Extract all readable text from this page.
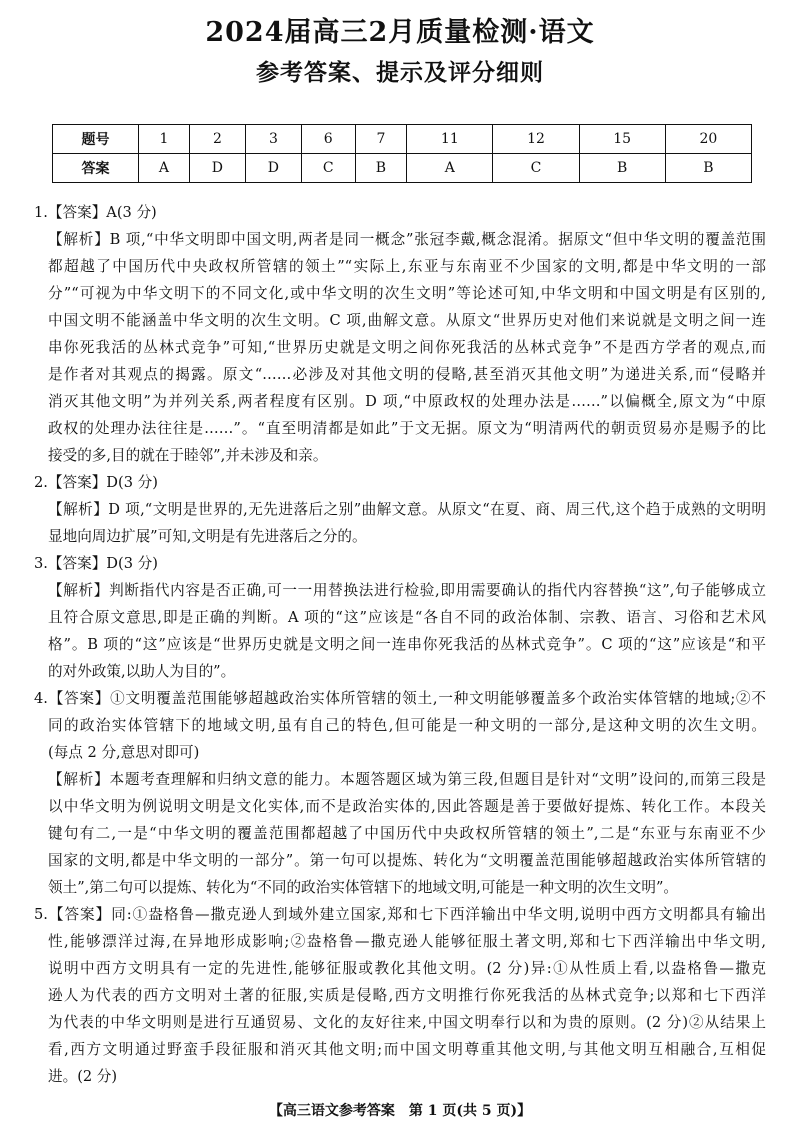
2024届高三2月质量检测·语文
参考答案、提示及评分细则
题号	1	2	3	6	7	11	12	15	20
答案	A	D	D	C	B	A	C	B	B
1.【答案】A(3 分)
【解析】B 项,“中华文明即中国文明,两者是同一概念”张冠李戴,概念混淆。据原文“但中华文明的覆盖范围
都超越了中国历代中央政权所管辖的领土”“实际上,东亚与东南亚不少国家的文明,都是中华文明的一部
分”“可视为中华文明下的不同文化,或中华文明的次生文明”等论述可知,中华文明和中国文明是有区别的,
中国文明不能涵盖中华文明的次生文明。C 项,曲解文意。从原文“世界历史对他们来说就是文明之间一连
串你死我活的丛林式竞争”可知,“世界历史就是文明之间你死我活的丛林式竞争”不是西方学者的观点,而
是作者对其观点的揭露。原文“……必涉及对其他文明的侵略,甚至消灭其他文明”为递进关系,而“侵略并
消灭其他文明”为并列关系,两者程度有区别。D 项,“中原政权的处理办法是……”以偏概全,原文为“中原
政权的处理办法往往是……”。“直至明清都是如此”于文无据。原文为“明清两代的朝贡贸易亦是赐予的比
接受的多,目的就在于睦邻”,并未涉及和亲。
2.【答案】D(3 分)
【解析】D 项,“文明是世界的,无先进落后之别”曲解文意。从原文“在夏、商、周三代,这个趋于成熟的文明明
显地向周边扩展”可知,文明是有先进落后之分的。
3.【答案】D(3 分)
【解析】判断指代内容是否正确,可一一用替换法进行检验,即用需要确认的指代内容替换“这”,句子能够成立
且符合原文意思,即是正确的判断。A 项的“这”应该是“各自不同的政治体制、宗教、语言、习俗和艺术风
格”。B 项的“这”应该是“世界历史就是文明之间一连串你死我活的丛林式竞争”。C 项的“这”应该是“和平
的对外政策,以助人为目的”。
4.【答案】①文明覆盖范围能够超越政治实体所管辖的领土,一种文明能够覆盖多个政治实体管辖的地域;②不
同的政治实体管辖下的地域文明,虽有自己的特色,但可能是一种文明的一部分,是这种文明的次生文明。
(每点 2 分,意思对即可)
【解析】本题考查理解和归纳文意的能力。本题答题区域为第三段,但题目是针对“文明”设问的,而第三段是
以中华文明为例说明文明是文化实体,而不是政治实体的,因此答题是善于要做好提炼、转化工作。本段关
键句有二,一是“中华文明的覆盖范围都超越了中国历代中央政权所管辖的领土”,二是“东亚与东南亚不少
国家的文明,都是中华文明的一部分”。第一句可以提炼、转化为“文明覆盖范围能够超越政治实体所管辖的
领土”,第二句可以提炼、转化为“不同的政治实体管辖下的地域文明,可能是一种文明的次生文明”。
5.【答案】同:①盎格鲁—撒克逊人到域外建立国家,郑和七下西洋输出中华文明,说明中西方文明都具有输出
性,能够漂洋过海,在异地形成影响;②盎格鲁—撒克逊人能够征服土著文明,郑和七下西洋输出中华文明,
说明中西方文明具有一定的先进性,能够征服或教化其他文明。(2 分)异:①从性质上看,以盎格鲁—撒克
逊人为代表的西方文明对土著的征服,实质是侵略,西方文明推行你死我活的丛林式竞争;以郑和七下西洋
为代表的中华文明则是进行互通贸易、文化的友好往来,中国文明奉行以和为贵的原则。(2 分)②从结果上
看,西方文明通过野蛮手段征服和消灭其他文明;而中国文明尊重其他文明,与其他文明互相融合,互相促
进。(2 分)
【高三语文参考答案　第 1 页(共 5 页)】
